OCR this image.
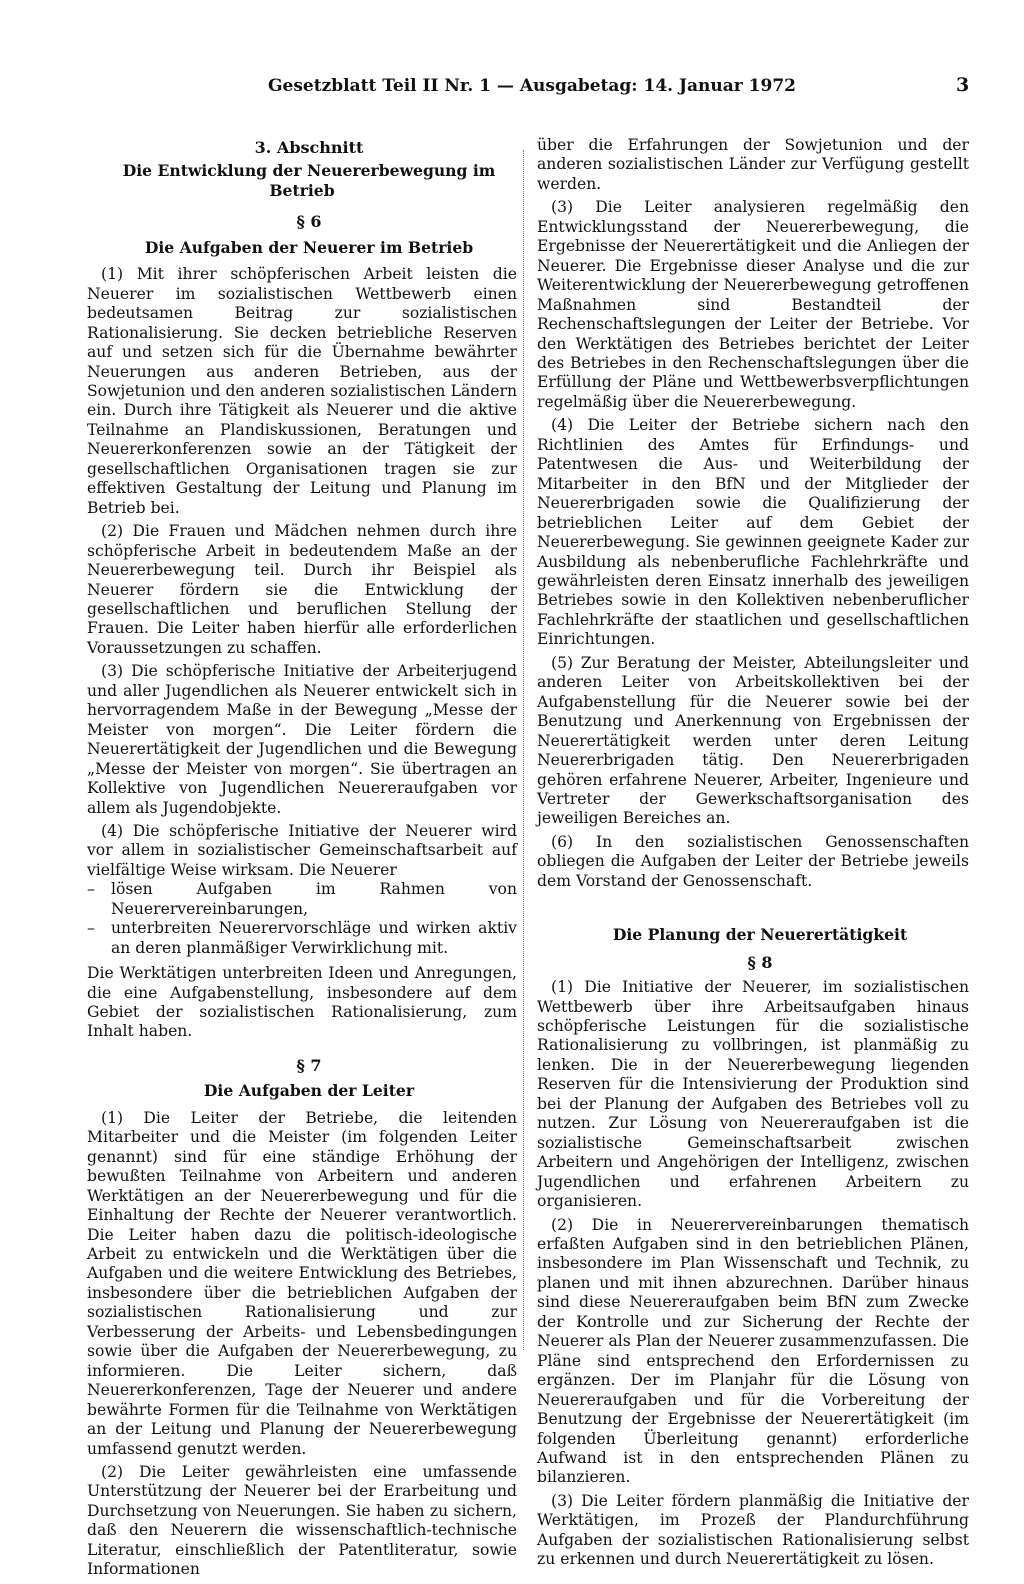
Gesetzblatt Teil II Nr. 1 — Ausgabetag: 14. Januar 1972	3

3. Abschnitt

Die Entwicklung der Neuererbewegung im Betrieb

§ 6

Die Aufgaben der Neuerer im Betrieb

(1) Mit ihrer schöpferischen Arbeit leisten die Neuerer im sozialistischen Wettbewerb einen bedeutsamen Beitrag zur sozialistischen Rationalisierung. Sie decken betriebliche Reserven auf und setzen sich für die Übernahme bewährter Neuerungen aus anderen Betrieben, aus der Sowjetunion und den anderen sozialistischen Ländern ein. Durch ihre Tätigkeit als Neuerer und die aktive Teilnahme an Plandiskussionen, Beratungen und Neuererkonferenzen sowie an der Tätigkeit der gesellschaftlichen Organisationen tragen sie zur effektiven Gestaltung der Leitung und Planung im Betrieb bei.

(2) Die Frauen und Mädchen nehmen durch ihre schöpferische Arbeit in bedeutendem Maße an der Neuererbewegung teil. Durch ihr Beispiel als Neuerer fördern sie die Entwicklung der gesellschaftlichen und beruflichen Stellung der Frauen. Die Leiter haben hierfür alle erforderlichen Voraussetzungen zu schaffen.

(3) Die schöpferische Initiative der Arbeiterjugend und aller Jugendlichen als Neuerer entwickelt sich in hervorragendem Maße in der Bewegung „Messe der Meister von morgen“. Die Leiter fördern die Neuerertätigkeit der Jugendlichen und die Bewegung „Messe der Meister von morgen“. Sie übertragen an Kollektive von Jugendlichen Neuereraufgaben vor allem als Jugendobjekte.

(4) Die schöpferische Initiative der Neuerer wird vor allem in sozialistischer Gemeinschaftsarbeit auf vielfältige Weise wirksam. Die Neuerer

– lösen Aufgaben im Rahmen von Neuerervereinbarungen,
– unterbreiten Neuerervorschläge und wirken aktiv an deren planmäßiger Verwirklichung mit.

Die Werktätigen unterbreiten Ideen und Anregungen, die eine Aufgabenstellung, insbesondere auf dem Gebiet der sozialistischen Rationalisierung, zum Inhalt haben.

§ 7

Die Aufgaben der Leiter

(1) Die Leiter der Betriebe, die leitenden Mitarbeiter und die Meister (im folgenden Leiter genannt) sind für eine ständige Erhöhung der bewußten Teilnahme von Arbeitern und anderen Werktätigen an der Neuererbewegung und für die Einhaltung der Rechte der Neuerer verantwortlich. Die Leiter haben dazu die politisch-ideologische Arbeit zu entwickeln und die Werktätigen über die Aufgaben und die weitere Entwicklung des Betriebes, insbesondere über die betrieblichen Aufgaben der sozialistischen Rationalisierung und zur Verbesserung der Arbeits- und Lebensbedingungen sowie über die Aufgaben der Neuererbewegung, zu informieren. Die Leiter sichern, daß Neuererkonferenzen, Tage der Neuerer und andere bewährte Formen für die Teilnahme von Werktätigen an der Leitung und Planung der Neuererbewegung umfassend genutzt werden.

(2) Die Leiter gewährleisten eine umfassende Unterstützung der Neuerer bei der Erarbeitung und Durchsetzung von Neuerungen. Sie haben zu sichern, daß den Neuerern die wissenschaftlich-technische Literatur, einschließlich der Patentliteratur, sowie Informationen

über die Erfahrungen der Sowjetunion und der anderen sozialistischen Länder zur Verfügung gestellt werden.

(3) Die Leiter analysieren regelmäßig den Entwicklungsstand der Neuererbewegung, die Ergebnisse der Neuerertätigkeit und die Anliegen der Neuerer. Die Ergebnisse dieser Analyse und die zur Weiterentwicklung der Neuererbewegung getroffenen Maßnahmen sind Bestandteil der Rechenschaftslegungen der Leiter der Betriebe. Vor den Werktätigen des Betriebes berichtet der Leiter des Betriebes in den Rechenschaftslegungen über die Erfüllung der Pläne und Wettbewerbsverpflichtungen regelmäßig über die Neuererbewegung.

(4) Die Leiter der Betriebe sichern nach den Richtlinien des Amtes für Erfindungs- und Patentwesen die Aus- und Weiterbildung der Mitarbeiter in den BfN und der Mitglieder der Neuererbrigaden sowie die Qualifizierung der betrieblichen Leiter auf dem Gebiet der Neuererbewegung. Sie gewinnen geeignete Kader zur Ausbildung als nebenberufliche Fachlehrkräfte und gewährleisten deren Einsatz innerhalb des jeweiligen Betriebes sowie in den Kollektiven nebenberuflicher Fachlehrkräfte der staatlichen und gesellschaftlichen Einrichtungen.

(5) Zur Beratung der Meister, Abteilungsleiter und anderen Leiter von Arbeitskollektiven bei der Aufgabenstellung für die Neuerer sowie bei der Benutzung und Anerkennung von Ergebnissen der Neuerertätigkeit werden unter deren Leitung Neuererbrigaden tätig. Den Neuererbrigaden gehören erfahrene Neuerer, Arbeiter, Ingenieure und Vertreter der Gewerkschaftsorganisation des jeweiligen Bereiches an.

(6) In den sozialistischen Genossenschaften obliegen die Aufgaben der Leiter der Betriebe jeweils dem Vorstand der Genossenschaft.

Die Planung der Neuerertätigkeit

§ 8

(1) Die Initiative der Neuerer, im sozialistischen Wettbewerb über ihre Arbeitsaufgaben hinaus schöpferische Leistungen für die sozialistische Rationalisierung zu vollbringen, ist planmäßig zu lenken. Die in der Neuererbewegung liegenden Reserven für die Intensivierung der Produktion sind bei der Planung der Aufgaben des Betriebes voll zu nutzen. Zur Lösung von Neuereraufgaben ist die sozialistische Gemeinschaftsarbeit zwischen Arbeitern und Angehörigen der Intelligenz, zwischen Jugendlichen und erfahrenen Arbeitern zu organisieren.

(2) Die in Neuerervereinbarungen thematisch erfaßten Aufgaben sind in den betrieblichen Plänen, insbesondere im Plan Wissenschaft und Technik, zu planen und mit ihnen abzurechnen. Darüber hinaus sind diese Neuereraufgaben beim BfN zum Zwecke der Kontrolle und zur Sicherung der Rechte der Neuerer als Plan der Neuerer zusammenzufassen. Die Pläne sind entsprechend den Erfordernissen zu ergänzen. Der im Planjahr für die Lösung von Neuereraufgaben und für die Vorbereitung der Benutzung der Ergebnisse der Neuerertätigkeit (im folgenden Überleitung genannt) erforderliche Aufwand ist in den entsprechenden Plänen zu bilanzieren.

(3) Die Leiter fördern planmäßig die Initiative der Werktätigen, im Prozeß der Plandurchführung Aufgaben der sozialistischen Rationalisierung selbst zu erkennen und durch Neuerertätigkeit zu lösen.
